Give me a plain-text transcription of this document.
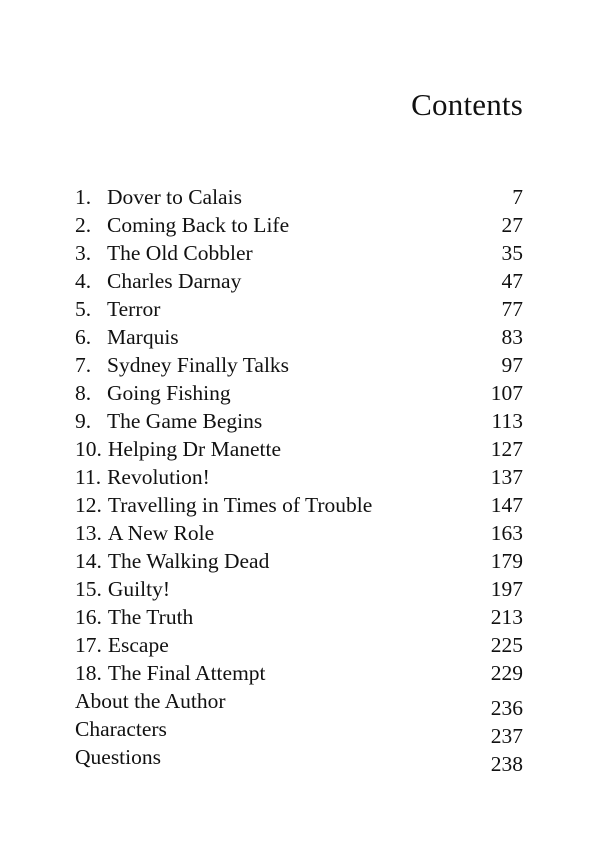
Contents
1. Dover to Calais	7
2. Coming Back to Life	27
3. The Old Cobbler	35
4. Charles Darnay	47
5. Terror	77
6. Marquis	83
7. Sydney Finally Talks	97
8. Going Fishing	107
9. The Game Begins	113
10. Helping Dr Manette	127
11. Revolution!	137
12. Travelling in Times of Trouble	147
13. A New Role	163
14. The Walking Dead	179
15. Guilty!	197
16. The Truth	213
17. Escape	225
18. The Final Attempt	229
About the Author	236
Characters	237
Questions	238
